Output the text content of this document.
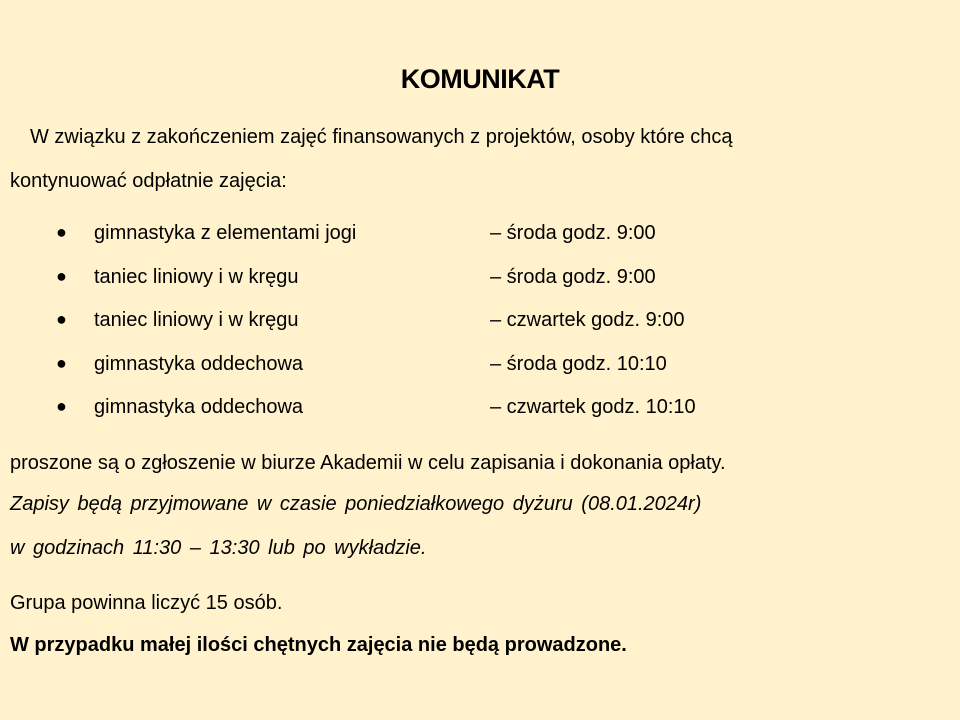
KOMUNIKAT
W związku z zakończeniem zajęć finansowanych z projektów, osoby które chcą
kontynuować odpłatnie zajęcia:
● gimnastyka z elementami jogi	– środa godz. 9:00
● taniec liniowy i w kręgu	– środa godz. 9:00
● taniec liniowy i w kręgu	– czwartek godz. 9:00
● gimnastyka oddechowa	– środa godz. 10:10
● gimnastyka oddechowa	– czwartek godz. 10:10
proszone są o zgłoszenie w biurze Akademii w celu zapisania i dokonania opłaty.
Zapisy będą przyjmowane w czasie poniedziałkowego dyżuru (08.01.2024r)
w godzinach 11:30 – 13:30 lub po wykładzie.
Grupa powinna liczyć 15 osób.
W przypadku małej ilości chętnych zajęcia nie będą prowadzone.
